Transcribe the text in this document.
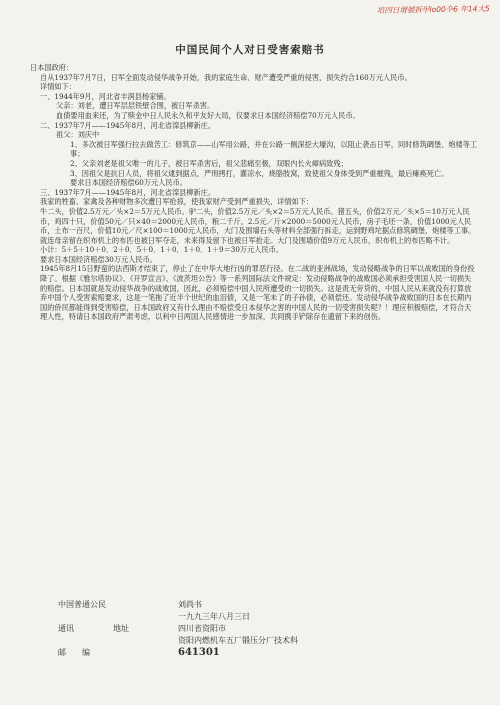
培四日增號拆甲lo00卆6 年14大5
中国民间个人对日受害索赔书

日本国政府：

自从1937年7月7日，日军全面发动侵华战争开始，我的家庭生命、财产遭受严重的侵害，损失约合160万元人民币。

详情如下：

一、1944年9月，河北省丰润县杨家铺。

父亲：刘老，遭日军层层铁壁合围，被日军杀害。

血债要用血来还，为了赎金中日人民永久和平友好大局，仅要求日本国经济赔偿70万元人民币。

二、1937年7月——1945年8月，河北省滦县柳新庄。

祖父：刘庆中

1、多次被日军强行拉去做苦工：修筑京——山军用公路，并在公路一侧深挖大壕沟，以阻止袭击日军，同时修筑碉堡、炮楼等工事；

2、父亲刘老是祖父唯一的儿子，被日军杀害后，祖父悲痛至极，双眼内长火瘴病致残；

3、因祖父是抗日人员，将祖父逮到据点，严刑拷打，灌凉水，烧胳肢窝，致使祖父身体受到严重摧残，最后瘫痪死亡。

要求日本国经济赔偿60万元人民币。

三、1937年7月——1945年8月，河北省滦县柳新庄。

我家的牲畜、家禽及各种财物多次遭日军抢掠，使我家财产受到严重损失，详情如下：

牛二头，价值2.5万元／头×2＝5万元人民币。驴二头，价值2.5万元／头×2＝5万元人民币。猪五头，价值2万元／头×5＝10万元人民币，鸡四十只，价值50元／只×40＝2000元人民币，粮二千斤，2.5元／斤×2000＝5000元人民币，房子毛坯一条，价值1000元人民币，土布一百尺，价值10元／尺×100＝1000元人民币，大门及围墙石头等材料全部强行拆走，运到野鸡坨据点修筑碉堡、炮楼等工事。就连母亲留在织布机上的布匹也被日军夺走，未来得及留下也被日军抢走。大门及围墙价值9万元人民币，织布机上的布匹略不计。

小计：5＋5＋10＋0．2＋0．5＋0．1＋0．1＋0．1＋9＝30万元人民币。

要求日本国经济赔偿30万元人民币。

1945年8月15日野蛮的法西斯才结束了，停止了在中华大地行凶的罪恶行径。在二战的亚洲战场，发动侵略战争的日军以战败国的身份投降了。根据《雅尔塔协议》、《开罗宣言》、《波茨坦公告》等一系列国际法文件规定：发动侵略战争的战败国必须承担受害国人民一切损失的赔偿。日本国就是发动侵华战争的战败国，因此，必须赔偿中国人民所遭受的一切损失。这是责无旁贷的，中国人民从来就没有打算放弃中国个人受害索赔要求，这是一笔拖了近半个世纪的血泪债，又是一笔未了的子孙债，必须偿还。发动侵华战争战败国的日本在长期内国的侨民都能得到受害赔偿，日本国政府又有什么理由不赔偿受日本侵华之害的中国人民的一切受害损失呢？！理应积极赔偿，才符合天理人性，特请日本国政府严肃考虑，以利中日两国人民感情进一步加深，共同携手铲除存在遗留下来的创伤。

中国普通公民	刘尚书
一九九三年八月三日
通讯	地址	四川省资阳市
资阳内燃机车五厂锻压分厂技术科
邮　　编	641301
